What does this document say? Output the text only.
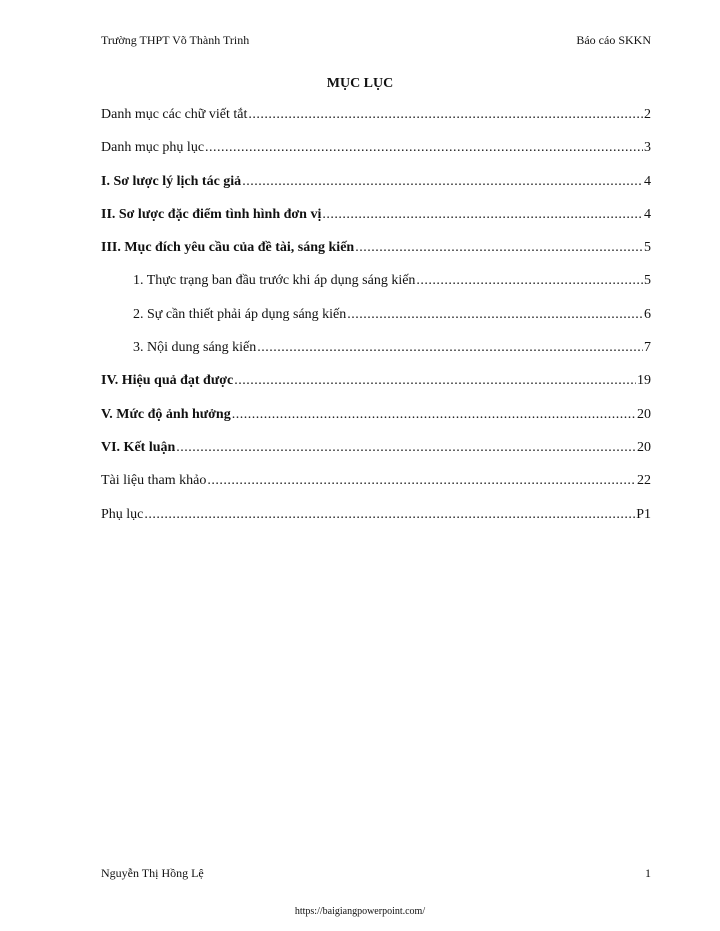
Trường THPT Võ Thành Trinh	Báo cáo SKKN
MỤC LỤC
Danh mục các chữ viết tắt .....	2
Danh mục phụ lục .....	3
I. Sơ lược lý lịch tác giả .....	4
II. Sơ lược đặc điểm tình hình đơn vị .....	4
III. Mục đích yêu cầu của đề tài, sáng kiến .....	5
1. Thực trạng ban đầu trước khi áp dụng sáng kiến .....	5
2. Sự cần thiết phải áp dụng sáng kiến .....	6
3. Nội dung sáng kiến .....	7
IV. Hiệu quả đạt được .....	19
V. Mức độ ảnh hưởng .....	20
VI. Kết luận .....	20
Tài liệu tham khảo .....	22
Phụ lục .....	P1
Nguyễn Thị Hồng Lệ	1
https://baigiangpowerpoint.com/
